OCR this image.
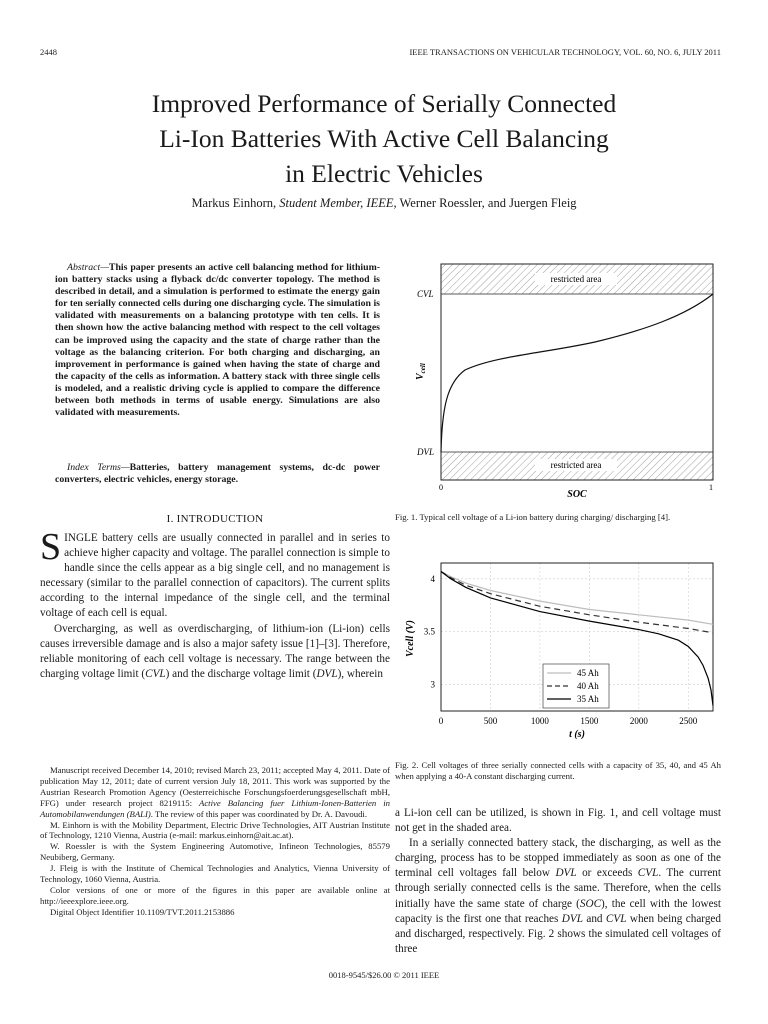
2448	IEEE TRANSACTIONS ON VEHICULAR TECHNOLOGY, VOL. 60, NO. 6, JULY 2011
Improved Performance of Serially Connected
Li-Ion Batteries With Active Cell Balancing
in Electric Vehicles
Markus Einhorn, Student Member, IEEE, Werner Roessler, and Juergen Fleig
Abstract—This paper presents an active cell balancing method for lithium-ion battery stacks using a flyback dc/dc converter topology. The method is described in detail, and a simulation is performed to estimate the energy gain for ten serially connected cells during one discharging cycle. The simulation is validated with measurements on a balancing prototype with ten cells. It is then shown how the active balancing method with respect to the cell voltages can be improved using the capacity and the state of charge rather than the voltage as the balancing criterion. For both charging and discharging, an improvement in performance is gained when having the state of charge and the capacity of the cells as information. A battery stack with three single cells is modeled, and a realistic driving cycle is applied to compare the difference between both methods in terms of usable energy. Simulations are also validated with measurements.
Index Terms—Batteries, battery management systems, dc-dc power converters, electric vehicles, energy storage.
I. INTRODUCTION
SINGLE battery cells are usually connected in parallel and in series to achieve higher capacity and voltage. The parallel connection is simple to handle since the cells appear as a big single cell, and no management is necessary (similar to the parallel connection of capacitors). The current splits according to the internal impedance of the single cell, and the terminal voltage of each cell is equal.
Overcharging, as well as overdischarging, of lithium-ion (Li-ion) cells causes irreversible damage and is also a major safety issue [1]–[3]. Therefore, reliable monitoring of each cell voltage is necessary. The range between the charging voltage limit (CVL) and the discharge voltage limit (DVL), wherein

Manuscript received December 14, 2010; revised March 23, 2011; accepted May 4, 2011. Date of publication May 12, 2011; date of current version July 18, 2011. This work was supported by the Austrian Research Promotion Agency (Oesterreichische Forschungsfoerderungsgesellschaft mbH, FFG) under research project 8219115: Active Balancing fuer Lithium-Ionen-Batterien in Automobilanwendungen (BALI). The review of this paper was coordinated by Dr. A. Davoudi.

M. Einhorn is with the Mobility Department, Electric Drive Technologies, AIT Austrian Institute of Technology, 1210 Vienna, Austria (e-mail: markus.einhorn@ait.ac.at).

W. Roessler is with the System Engineering Automotive, Infineon Technologies, 85579 Neubiberg, Germany.

J. Fleig is with the Institute of Chemical Technologies and Analytics, Vienna University of Technology, 1060 Vienna, Austria.

Color versions of one or more of the figures in this paper are available online at http://ieeexplore.ieee.org.

Digital Object Identifier 10.1109/TVT.2011.2153886

restricted area
restricted area
CVL
DVL
$V_{cell}$
0	1
SOC
Fig. 1. Typical cell voltage of a Li-ion battery during charging/ discharging [4].
0	500	1000	1500	2000	2500
3
3.5
4
t (s)
Vcell (V)
45 Ah
40 Ah
35 Ah
Fig. 2. Cell voltages of three serially connected cells with a capacity of 35, 40, and 45 Ah when applying a 40-A constant discharging current.
a Li-ion cell can be utilized, is shown in Fig. 1, and cell voltage must not get in the shaded area.
In a serially connected battery stack, the discharging, as well as the charging, process has to be stopped immediately as soon as one of the terminal cell voltages fall below DVL or exceeds CVL. The current through serially connected cells is the same. Therefore, when the cells initially have the same state of charge (SOC), the cell with the lowest capacity is the first one that reaches DVL and CVL when being charged and discharged, respectively. Fig. 2 shows the simulated cell voltages of three
0018-9545/$26.00 © 2011 IEEE
